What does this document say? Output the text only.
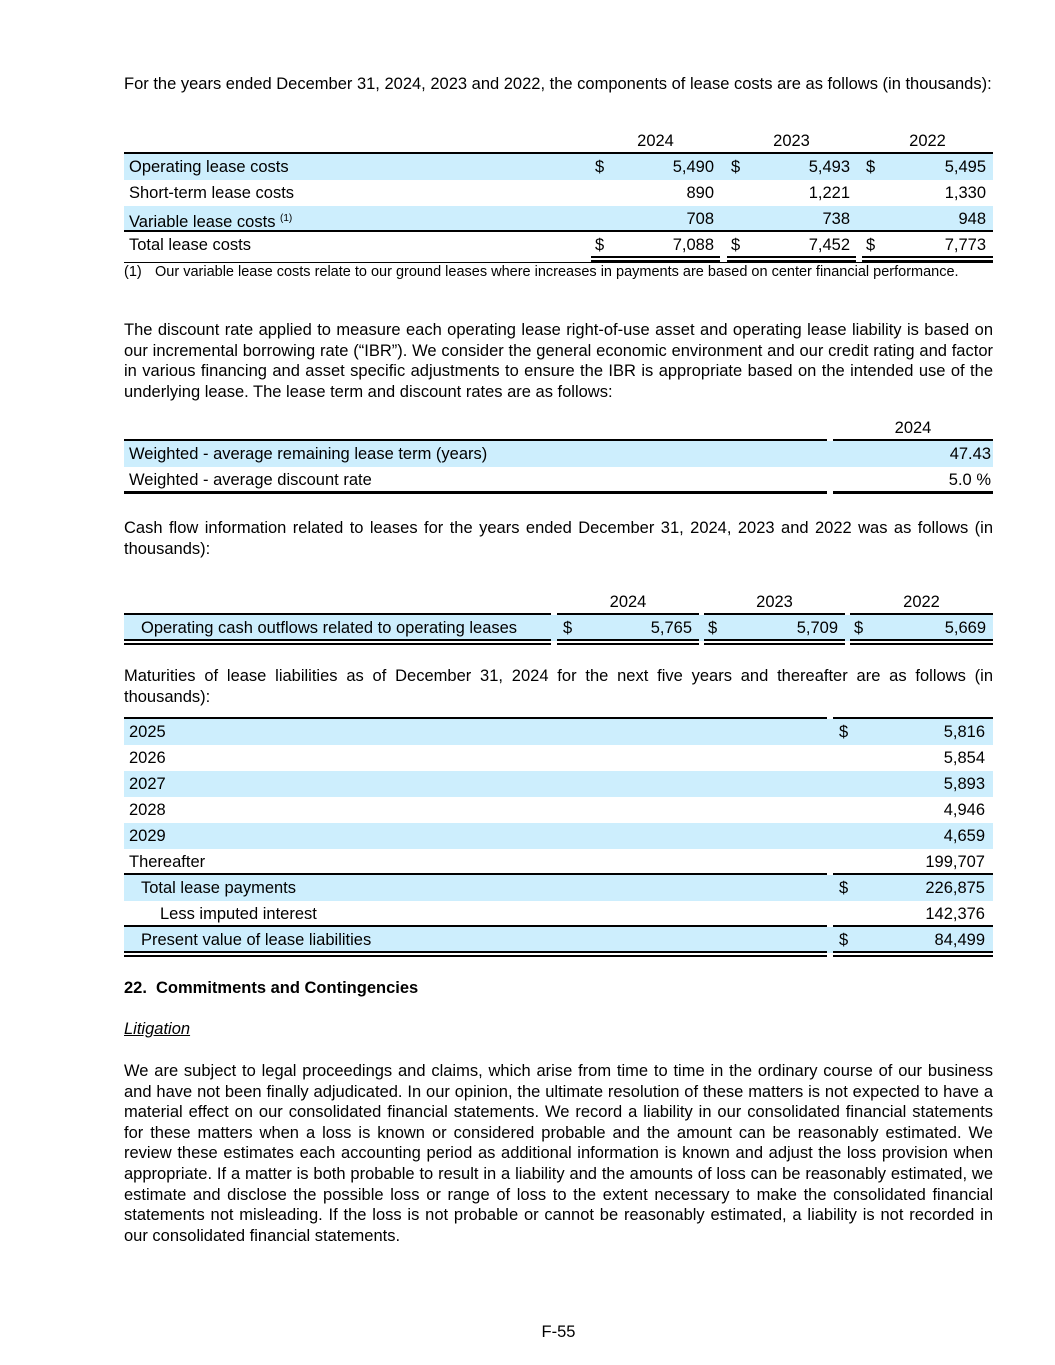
For the years ended December 31, 2024, 2023 and 2022, the components of lease costs are as follows (in thousands):
2024	2023	2022
Operating lease costs	$	5,490 $	5,493 $	5,495
Short-term lease costs	890	1,221	1,330
Variable lease costs $^{(1)}$	708	738	948
Total lease costs	$	7,088 $	7,452 $	7,773
(1) Our variable lease costs relate to our ground leases where increases in payments are based on center financial performance.
The discount rate applied to measure each operating lease right-of-use asset and operating lease liability is based on our incremental borrowing rate (“IBR”). We consider the general economic environment and our credit rating and factor in various financing and asset specific adjustments to ensure the IBR is appropriate based on the intended use of the underlying lease. The lease term and discount rates are as follows:
2024
Weighted - average remaining lease term (years)	47.43
Weighted - average discount rate	5.0 %
Cash flow information related to leases for the years ended December 31, 2024, 2023 and 2022 was as follows (in thousands):
2024	2023	2022
Operating cash outflows related to operating leases	$	5,765 $	5,709 $	5,669
Maturities of lease liabilities as of December 31, 2024 for the next five years and thereafter are as follows (in thousands):
2025	$	5,816
2026	5,854
2027	5,893
2028	4,946
2029	4,659
Thereafter	199,707
Total lease payments	$	226,875
Less imputed interest	142,376
Present value of lease liabilities	$	84,499
22. Commitments and Contingencies
Litigation
We are subject to legal proceedings and claims, which arise from time to time in the ordinary course of our business and have not been finally adjudicated. In our opinion, the ultimate resolution of these matters is not expected to have a material effect on our consolidated financial statements. We record a liability in our consolidated financial statements for these matters when a loss is known or considered probable and the amount can be reasonably estimated. We review these estimates each accounting period as additional information is known and adjust the loss provision when appropriate. If a matter is both probable to result in a liability and the amounts of loss can be reasonably estimated, we estimate and disclose the possible loss or range of loss to the extent necessary to make the consolidated financial statements not misleading. If the loss is not probable or cannot be reasonably estimated, a liability is not recorded in our consolidated financial statements.
F-55
